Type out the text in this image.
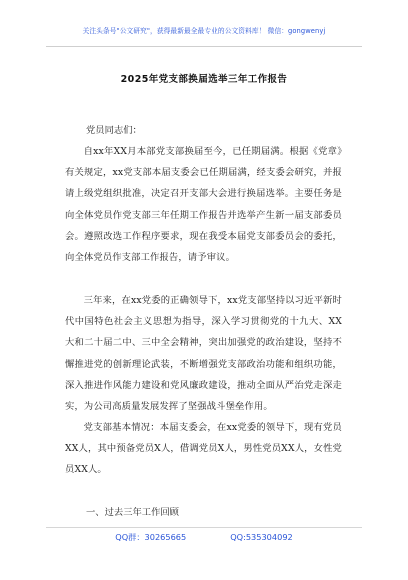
关注头条号"公文研究"，获得最新最全最专业的公文资料库！ 微信：gongwenyj
2025年党支部换届选举三年工作报告
党员同志们：

自xx年XX月本部党支部换届至今，已任期届满。根据《党章》有关规定，xx党支部本届支委会已任期届满，经支委会研究，并报请上级党组织批准，决定召开支部大会进行换届选举。主要任务是向全体党员作党支部三年任期工作报告并选举产生新一届支部委员会。遵照改选工作程序要求，现在我受本届党支部委员会的委托，向全体党员作支部工作报告，请予审议。

三年来，在xx党委的正确领导下，xx党支部坚持以习近平新时代中国特色社会主义思想为指导，深入学习贯彻党的十九大、XX大和二十届二中、三中全会精神，突出加强党的政治建设，坚持不懈推进党的创新理论武装，不断增强党支部政治功能和组织功能，深入推进作风能力建设和党风廉政建设，推动全面从严治党走深走实，为公司高质量发展发挥了坚强战斗堡垒作用。

党支部基本情况：本届支委会，在xx党委的领导下，现有党员XX人，其中预备党员X人，借调党员X人，男性党员XX人，女性党员XX人。

一、过去三年工作回顾
QQ群：30265665	QQ:535304092
